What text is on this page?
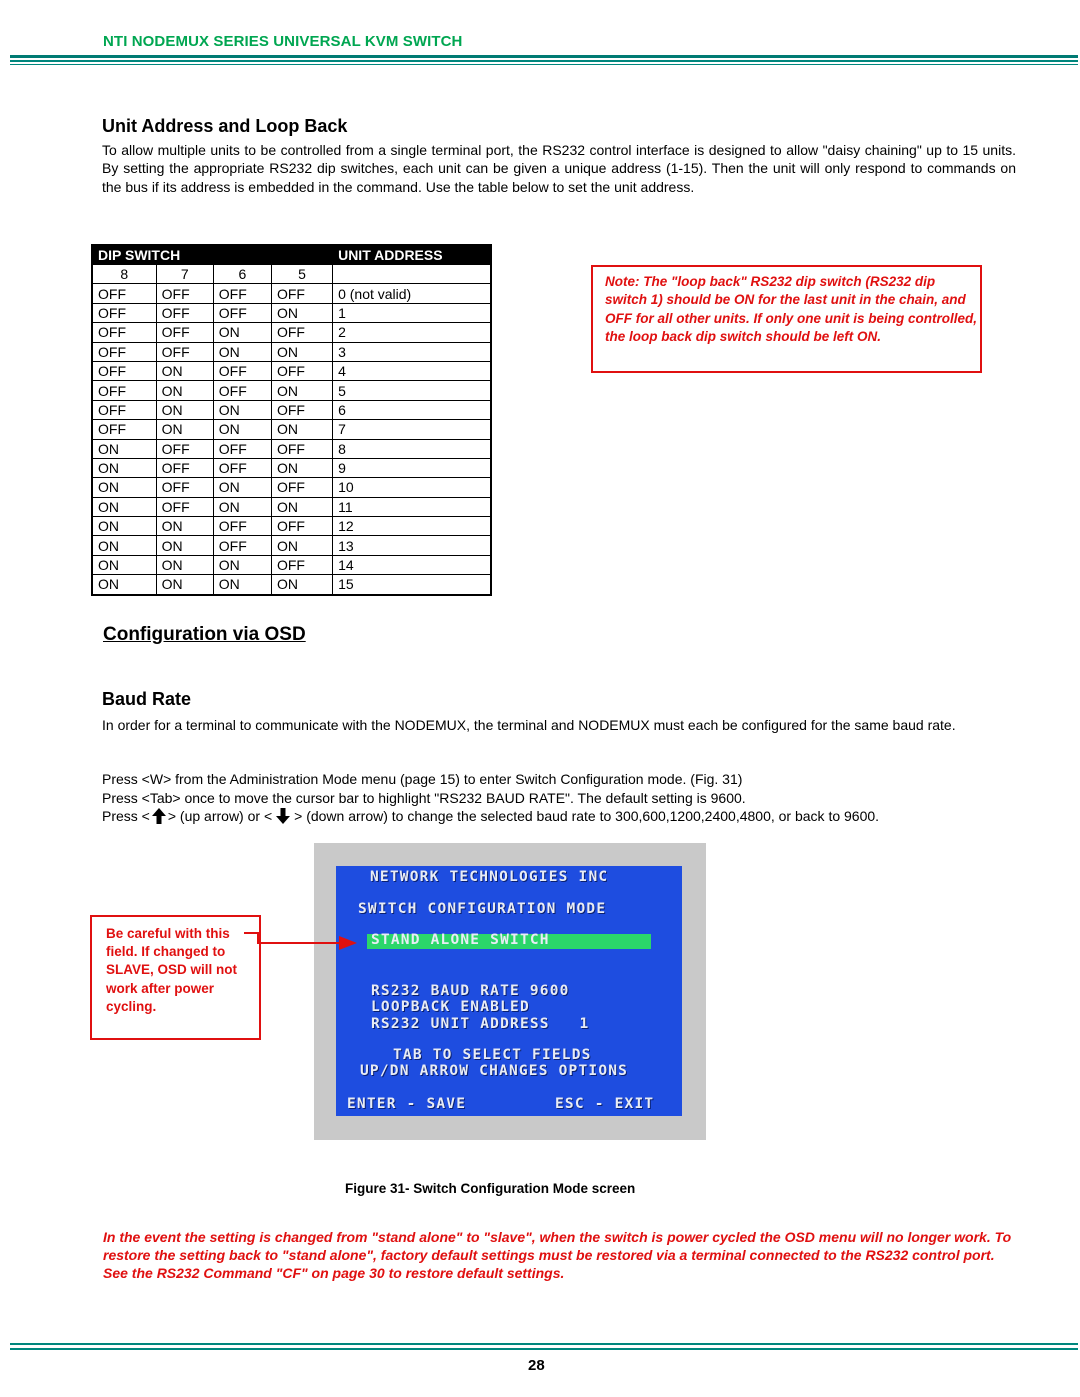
NTI NODEMUX SERIES UNIVERSAL KVM SWITCH
Unit Address and Loop Back
To allow multiple units to be controlled from a single terminal port, the RS232 control interface is designed to allow "daisy chaining" up to 15 units. By setting the appropriate RS232 dip switches, each unit can be given a unique address (1-15). Then the unit will only respond to commands on the bus if its address is embedded in the command. Use the table below to set the unit address.
DIP SWITCH				UNIT ADDRESS
8	7	6	5	
OFF	OFF	OFF	OFF	0 (not valid)
OFF	OFF	OFF	ON	1
OFF	OFF	ON	OFF	2
OFF	OFF	ON	ON	3
OFF	ON	OFF	OFF	4
OFF	ON	OFF	ON	5
OFF	ON	ON	OFF	6
OFF	ON	ON	ON	7
ON	OFF	OFF	OFF	8
ON	OFF	OFF	ON	9
ON	OFF	ON	OFF	10
ON	OFF	ON	ON	11
ON	ON	OFF	OFF	12
ON	ON	OFF	ON	13
ON	ON	ON	OFF	14
ON	ON	ON	ON	15
Note: The "loop back" RS232 dip switch (RS232 dip switch 1) should be ON for the last unit in the chain, and OFF for all other units. If only one unit is being controlled, the loop back dip switch should be left ON.
Configuration via OSD
Baud Rate
In order for a terminal to communicate with the NODEMUX, the terminal and NODEMUX must each be configured for the same baud rate.
Press <W> from the Administration Mode menu (page 15) to enter Switch Configuration mode. (Fig. 31)
Press <Tab> once to move the cursor bar to highlight "RS232 BAUD RATE". The default setting is 9600.
Press < > (up arrow) or < > (down arrow) to change the selected baud rate to 300,600,1200,2400,4800, or back to 9600.
NETWORK TECHNOLOGIES INC
SWITCH CONFIGURATION MODE
STAND ALONE SWITCH
RS232 BAUD RATE 9600
LOOPBACK ENABLED
RS232 UNIT ADDRESS   1
TAB TO SELECT FIELDS
UP/DN ARROW CHANGES OPTIONS
ENTER - SAVE	ESC - EXIT
Be careful with this field. If changed to SLAVE, OSD will not work after power cycling.
Figure 31- Switch Configuration Mode screen
In the event the setting is changed from "stand alone" to "slave", when the switch is power cycled the OSD menu will no longer work. To restore the setting back to "stand alone", factory default settings must be restored via a terminal connected to the RS232 control port. See the RS232 Command "CF" on page 30 to restore default settings.
28
